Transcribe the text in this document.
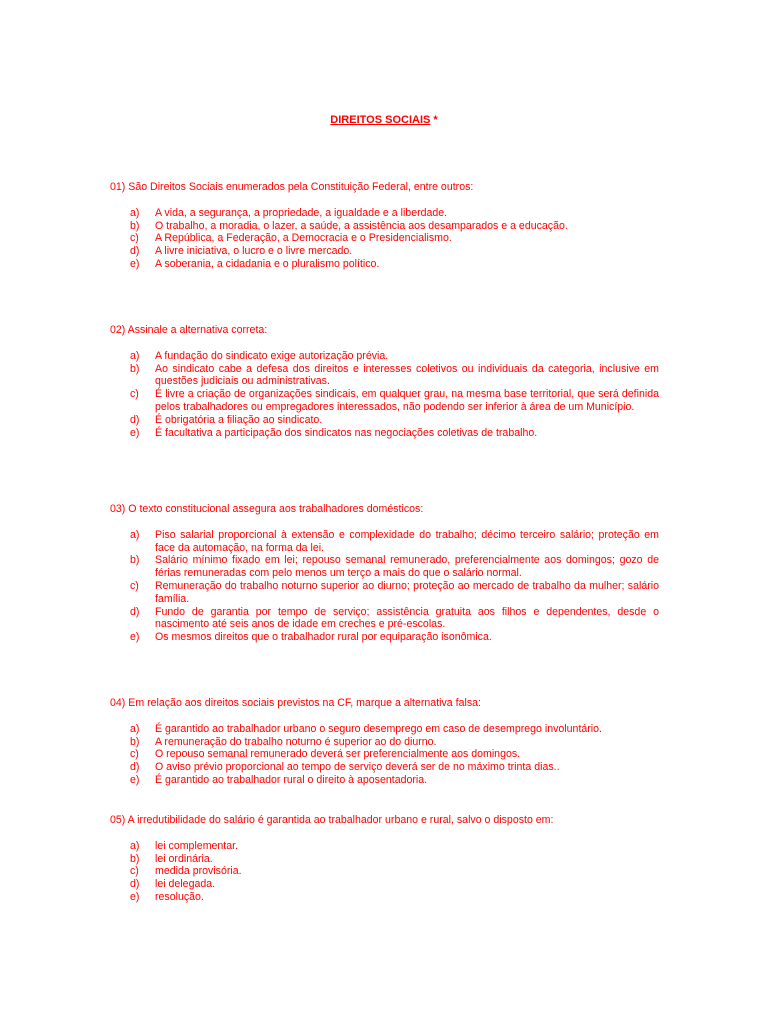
DIREITOS SOCIAIS *

01) São Direitos Sociais enumerados pela Constituição Federal, entre outros:

a)	A vida, a segurança, a propriedade, a igualdade e a liberdade.
b)	O trabalho, a moradia, o lazer, a saúde, a assistência aos desamparados e a educação.
c)	A República, a Federação, a Democracia e o Presidencialismo.
d)	A livre iniciativa, o lucro e o livre mercado.
e)	A soberania, a cidadania e o pluralismo político.

02) Assinale a alternativa correta:

a)	A fundação do sindicato exige autorização prévia.
b)	Ao sindicato cabe a defesa dos direitos e interesses coletivos ou individuais da categoria, inclusive em questões judiciais ou administrativas.
c)	É livre a criação de organizações sindicais, em qualquer grau, na mesma base territorial, que será definida pelos trabalhadores ou empregadores interessados, não podendo ser inferior à área de um Município.
d)	É obrigatória a filiação ao sindicato.
e)	É facultativa a participação dos sindicatos nas negociações coletivas de trabalho.

03) O texto constitucional assegura aos trabalhadores domésticos:

a)	Piso salarial proporcional à extensão e complexidade do trabalho; décimo terceiro salário; proteção em face da automação, na forma da lei.
b)	Salário mínimo fixado em lei; repouso semanal remunerado, preferencialmente aos domingos; gozo de férias remuneradas com pelo menos um terço a mais do que o salário normal.
c)	Remuneração do trabalho noturno superior ao diurno; proteção ao mercado de trabalho da mulher; salário família.
d)	Fundo de garantia por tempo de serviço; assistência gratuita aos filhos e dependentes, desde o nascimento até seis anos de idade em creches e pré-escolas.
e)	Os mesmos direitos que o trabalhador rural por equiparação isonômica.

04) Em relação aos direitos sociais previstos na CF, marque a alternativa falsa:

a)	É garantido ao trabalhador urbano o seguro desemprego em caso de desemprego involuntário.
b)	A remuneração do trabalho noturno é superior ao do diurno.
c)	O repouso semanal remunerado deverá ser preferencialmente aos domingos.
d)	O aviso prévio proporcional ao tempo de serviço deverá ser de no máximo trinta dias..
e)	É garantido ao trabalhador rural o direito à aposentadoria.

05) A irredutibilidade do salário é garantida ao trabalhador urbano e rural, salvo o disposto em:

a)	lei complementar.
b)	lei ordinária.
c)	medida provisória.
d)	lei delegada.
e)	resolução.
